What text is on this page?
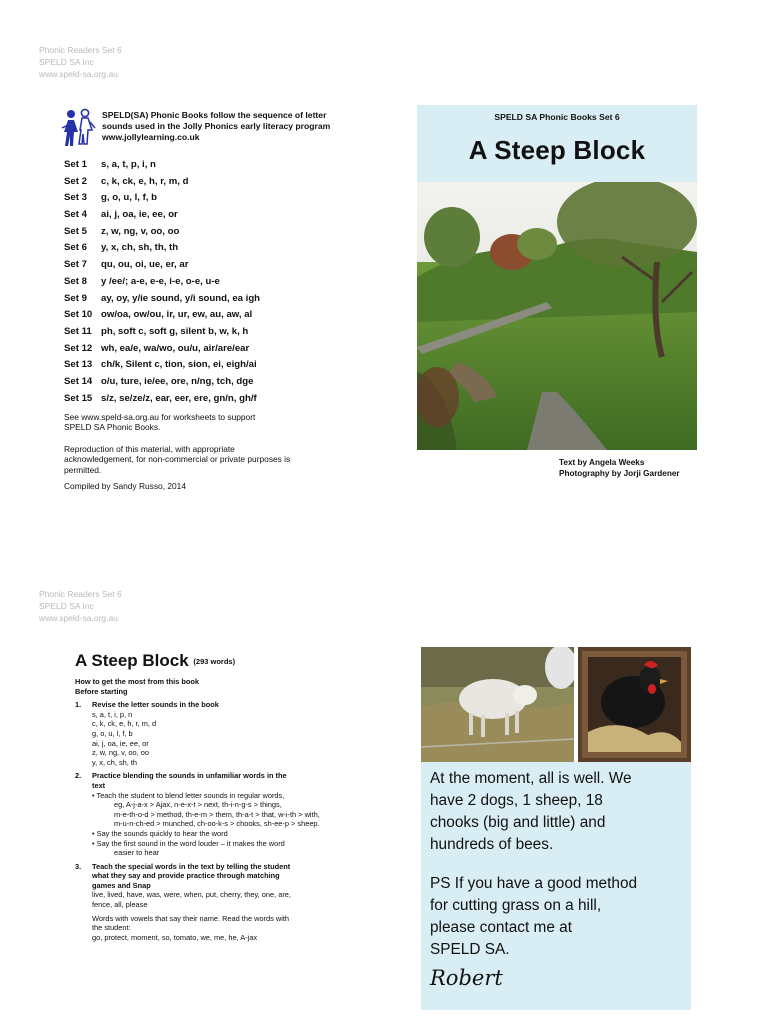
Phonic Readers Set 6
SPELD SA Inc
www.speld-sa.org.au
SPELD(SA) Phonic Books follow the sequence of letter
sounds used in the Jolly Phonics early literacy program
www.jollylearning.co.uk
Set 1 s, a, t, p, i, n
Set 2 c, k, ck, e, h, r, m, d
Set 3 g, o, u, l, f, b
Set 4 ai, j, oa, ie, ee, or
Set 5 z, w, ng, v, oo, oo
Set 6 y, x, ch, sh, th, th
Set 7 qu, ou, oi, ue, er, ar
Set 8 y /ee/; a-e, e-e, i-e, o-e, u-e
Set 9 ay, oy, y/ie sound, y/i sound, ea igh
Set 10 ow/oa, ow/ou, ir, ur, ew, au, aw, al
Set 11 ph, soft c, soft g, silent b, w, k, h
Set 12 wh, ea/e, wa/wo, ou/u, air/are/ear
Set 13 ch/k, Silent c, tion, sion, ei, eigh/ai
Set 14 o/u, ture, ie/ee, ore, n/ng, tch, dge
Set 15 s/z, se/ze/z, ear, eer, ere, gn/n, gh/f
See www.speld-sa.org.au for worksheets to support
SPELD SA Phonic Books.
Reproduction of this material, with appropriate
acknowledgement, for non-commercial or private purposes is
permitted.
Compiled by Sandy Russo, 2014
SPELD SA Phonic Books Set 6
A Steep Block
Text by Angela Weeks
Photography by Jorji Gardener
Phonic Readers Set 6
SPELD SA Inc
www.speld-sa.org.au
A Steep Block (293 words)
How to get the most from this book
Before starting
1. Revise the letter sounds in the book
s, a, t, i, p, n
c, k, ck, e, h, r, m, d
g, o, u, l, f, b
ai, j, oa, ie, ee, or
z, w, ng, v, oo, oo
y, x, ch, sh, th
2. Practice blending the sounds in unfamiliar words in the
text
• Teach the student to blend letter sounds in regular words,
eg, A-j-a-x > Ajax, n-e-x-t > next, th-i-n-g-s > things,
m-e-th-o-d > method, th-e-m > them, th-a-t > that, w-i-th > with,
m-u-n-ch-ed > munched, ch-oo-k-s > chooks, sh-ee-p > sheep.
• Say the sounds quickly to hear the word
• Say the first sound in the word louder – it makes the word
easier to hear
3. Teach the special words in the text by telling the student
what they say and provide practice through matching
games and Snap
live, lived, have, was, were, when, put, cherry, they, one, are,
fence, all, please
Words with vowels that say their name. Read the words with
the student:
go, protect, moment, so, tomato, we, me, he, A-jax
At the moment, all is well. We
have 2 dogs, 1 sheep, 18
chooks (big and little) and
hundreds of bees.
PS If you have a good method
for cutting grass on a hill,
please contact me at
SPELD SA.
Robert
